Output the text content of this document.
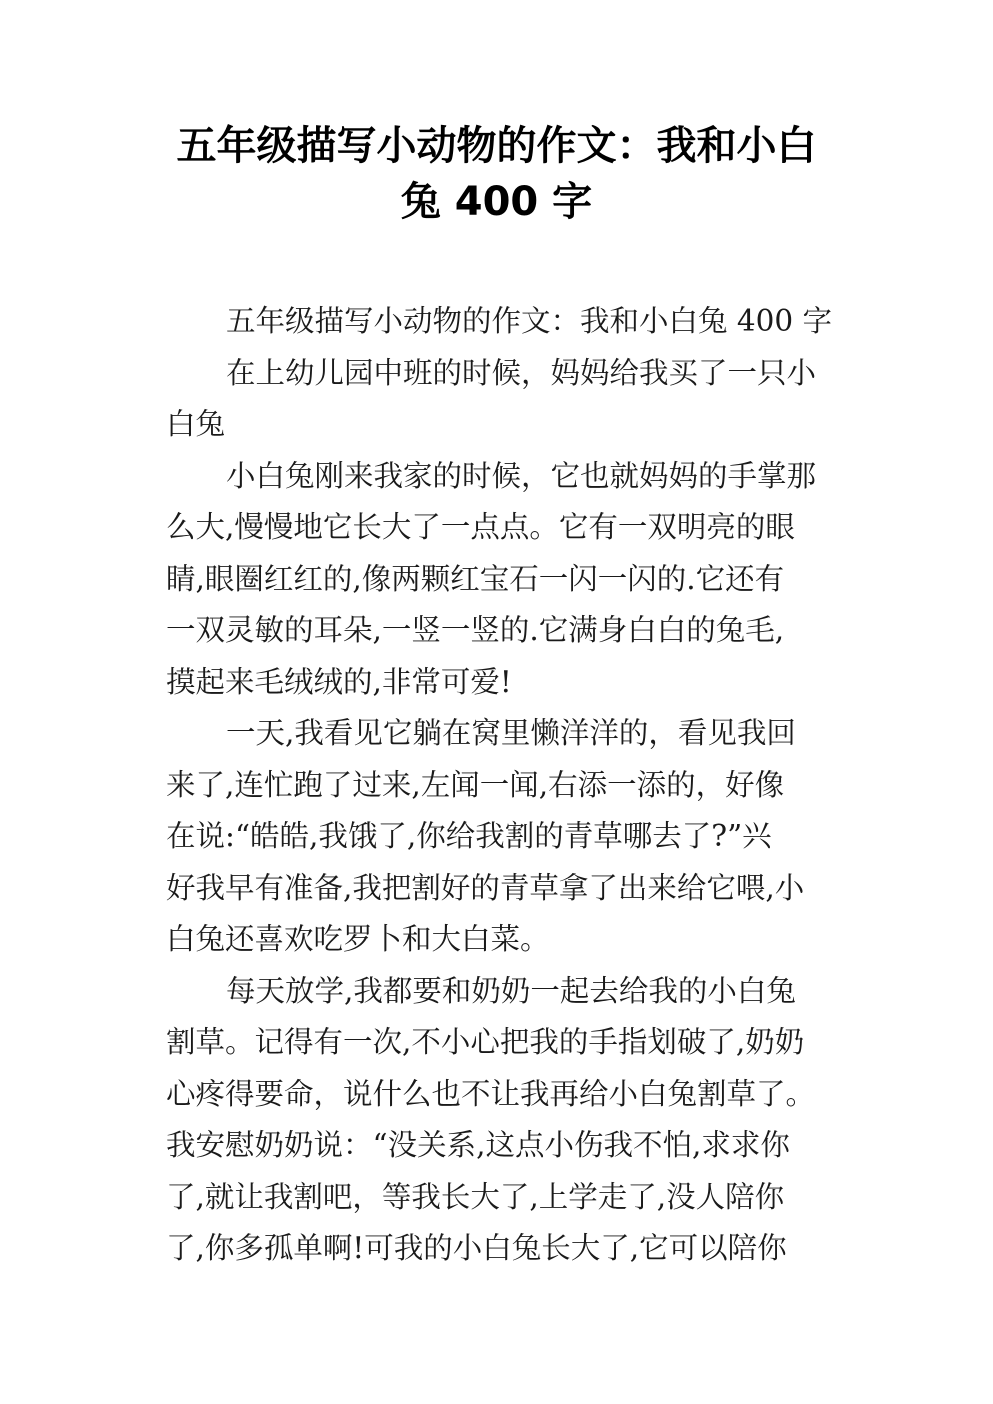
五年级描写小动物的作文：我和小白
兔 400 字
五年级描写小动物的作文：我和小白兔 400 字
在上幼儿园中班的时候，妈妈给我买了一只小
白兔
小白兔刚来我家的时候，它也就妈妈的手掌那
么大,慢慢地它长大了一点点。它有一双明亮的眼
睛,眼圈红红的,像两颗红宝石一闪一闪的.它还有
一双灵敏的耳朵,一竖一竖的.它满身白白的兔毛,
摸起来毛绒绒的,非常可爱!
一天,我看见它躺在窝里懒洋洋的，看见我回
来了,连忙跑了过来,左闻一闻,右添一添的，好像
在说:“皓皓,我饿了,你给我割的青草哪去了?”兴
好我早有准备,我把割好的青草拿了出来给它喂,小
白兔还喜欢吃罗卜和大白菜。
每天放学,我都要和奶奶一起去给我的小白兔
割草。记得有一次,不小心把我的手指划破了,奶奶
心疼得要命，说什么也不让我再给小白兔割草了。
我安慰奶奶说：“没关系,这点小伤我不怕,求求你
了,就让我割吧，等我长大了,上学走了,没人陪你
了,你多孤单啊!可我的小白兔长大了,它可以陪你
